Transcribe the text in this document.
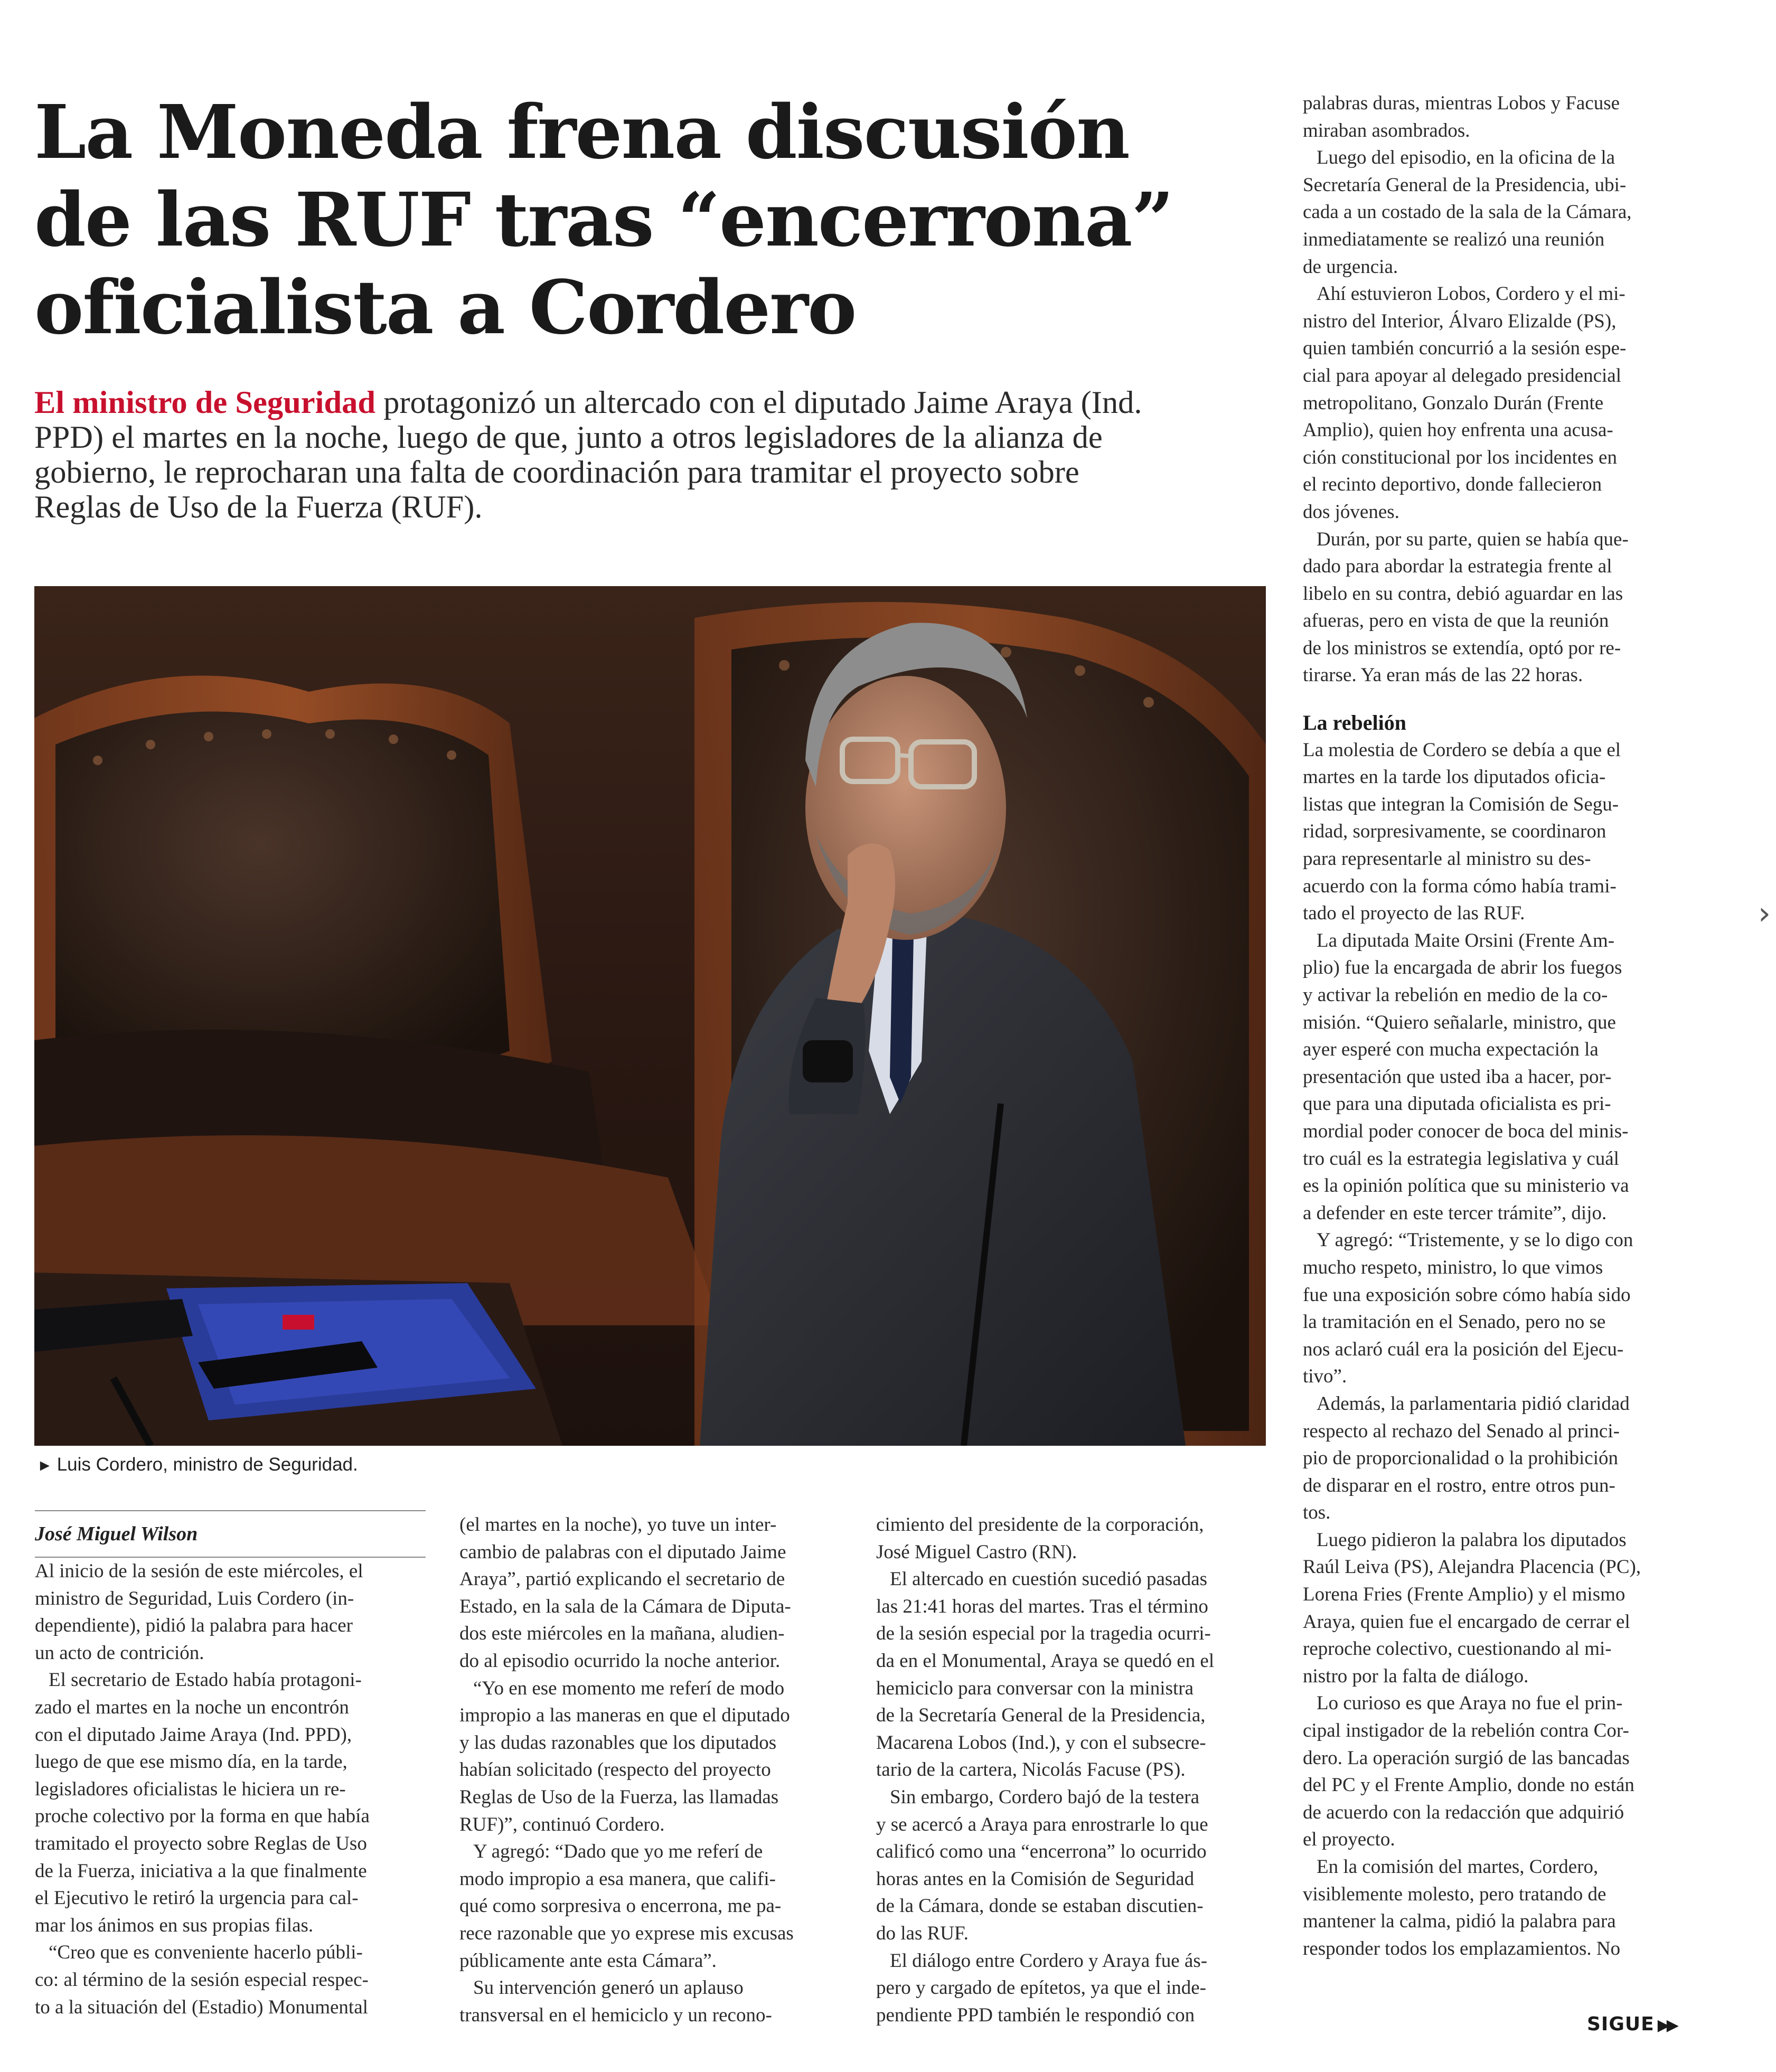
La Moneda frena discusión
de las RUF tras “encerrona”
oficialista a Cordero

El ministro de Seguridad protagonizó un altercado con el diputado Jaime Araya (Ind.
PPD) el martes en la noche, luego de que, junto a otros legisladores de la alianza de
gobierno, le reprocharan una falta de coordinación para tramitar el proyecto sobre
Reglas de Uso de la Fuerza (RUF).

► Luis Cordero, ministro de Seguridad.

José Miguel Wilson

Al inicio de la sesión de este miércoles, el
ministro de Seguridad, Luis Cordero (in-
dependiente), pidió la palabra para hacer
un acto de contrición.
El secretario de Estado había protagoni-
zado el martes en la noche un encontrón
con el diputado Jaime Araya (Ind. PPD),
luego de que ese mismo día, en la tarde,
legisladores oficialistas le hiciera un re-
proche colectivo por la forma en que había
tramitado el proyecto sobre Reglas de Uso
de la Fuerza, iniciativa a la que finalmente
el Ejecutivo le retiró la urgencia para cal-
mar los ánimos en sus propias filas.
“Creo que es conveniente hacerlo públi-
co: al término de la sesión especial respec-
to a la situación del (Estadio) Monumental
(el martes en la noche), yo tuve un inter-
cambio de palabras con el diputado Jaime
Araya”, partió explicando el secretario de
Estado, en la sala de la Cámara de Diputa-
dos este miércoles en la mañana, aludien-
do al episodio ocurrido la noche anterior.
“Yo en ese momento me referí de modo
impropio a las maneras en que el diputado
y las dudas razonables que los diputados
habían solicitado (respecto del proyecto
Reglas de Uso de la Fuerza, las llamadas
RUF)”, continuó Cordero.
Y agregó: “Dado que yo me referí de
modo impropio a esa manera, que califi-
qué como sorpresiva o encerrona, me pa-
rece razonable que yo exprese mis excusas
públicamente ante esta Cámara”.
Su intervención generó un aplauso
transversal en el hemiciclo y un recono-
cimiento del presidente de la corporación,
José Miguel Castro (RN).
El altercado en cuestión sucedió pasadas
las 21:41 horas del martes. Tras el término
de la sesión especial por la tragedia ocurri-
da en el Monumental, Araya se quedó en el
hemiciclo para conversar con la ministra
de la Secretaría General de la Presidencia,
Macarena Lobos (Ind.), y con el subsecre-
tario de la cartera, Nicolás Facuse (PS).
Sin embargo, Cordero bajó de la testera
y se acercó a Araya para enrostrarle lo que
calificó como una “encerrona” lo ocurrido
horas antes en la Comisión de Seguridad
de la Cámara, donde se estaban discutien-
do las RUF.
El diálogo entre Cordero y Araya fue ás-
pero y cargado de epítetos, ya que el inde-
pendiente PPD también le respondió con
palabras duras, mientras Lobos y Facuse
miraban asombrados.
Luego del episodio, en la oficina de la
Secretaría General de la Presidencia, ubi-
cada a un costado de la sala de la Cámara,
inmediatamente se realizó una reunión
de urgencia.
Ahí estuvieron Lobos, Cordero y el mi-
nistro del Interior, Álvaro Elizalde (PS),
quien también concurrió a la sesión espe-
cial para apoyar al delegado presidencial
metropolitano, Gonzalo Durán (Frente
Amplio), quien hoy enfrenta una acusa-
ción constitucional por los incidentes en
el recinto deportivo, donde fallecieron
dos jóvenes.
Durán, por su parte, quien se había que-
dado para abordar la estrategia frente al
libelo en su contra, debió aguardar en las
afueras, pero en vista de que la reunión
de los ministros se extendía, optó por re-
tirarse. Ya eran más de las 22 horas.
La rebelión
La molestia de Cordero se debía a que el
martes en la tarde los diputados oficia-
listas que integran la Comisión de Segu-
ridad, sorpresivamente, se coordinaron
para representarle al ministro su des-
acuerdo con la forma cómo había trami-
tado el proyecto de las RUF.
La diputada Maite Orsini (Frente Am-
plio) fue la encargada de abrir los fuegos
y activar la rebelión en medio de la co-
misión. “Quiero señalarle, ministro, que
ayer esperé con mucha expectación la
presentación que usted iba a hacer, por-
que para una diputada oficialista es pri-
mordial poder conocer de boca del minis-
tro cuál es la estrategia legislativa y cuál
es la opinión política que su ministerio va
a defender en este tercer trámite”, dijo.
Y agregó: “Tristemente, y se lo digo con
mucho respeto, ministro, lo que vimos
fue una exposición sobre cómo había sido
la tramitación en el Senado, pero no se
nos aclaró cuál era la posición del Ejecu-
tivo”.
Además, la parlamentaria pidió claridad
respecto al rechazo del Senado al princi-
pio de proporcionalidad o la prohibición
de disparar en el rostro, entre otros pun-
tos.
Luego pidieron la palabra los diputados
Raúl Leiva (PS), Alejandra Placencia (PC),
Lorena Fries (Frente Amplio) y el mismo
Araya, quien fue el encargado de cerrar el
reproche colectivo, cuestionando al mi-
nistro por la falta de diálogo.
Lo curioso es que Araya no fue el prin-
cipal instigador de la rebelión contra Cor-
dero. La operación surgió de las bancadas
del PC y el Frente Amplio, donde no están
de acuerdo con la redacción que adquirió
el proyecto.
En la comisión del martes, Cordero,
visiblemente molesto, pero tratando de
mantener la calma, pidió la palabra para
responder todos los emplazamientos. No

SIGUE ▶▶

›
